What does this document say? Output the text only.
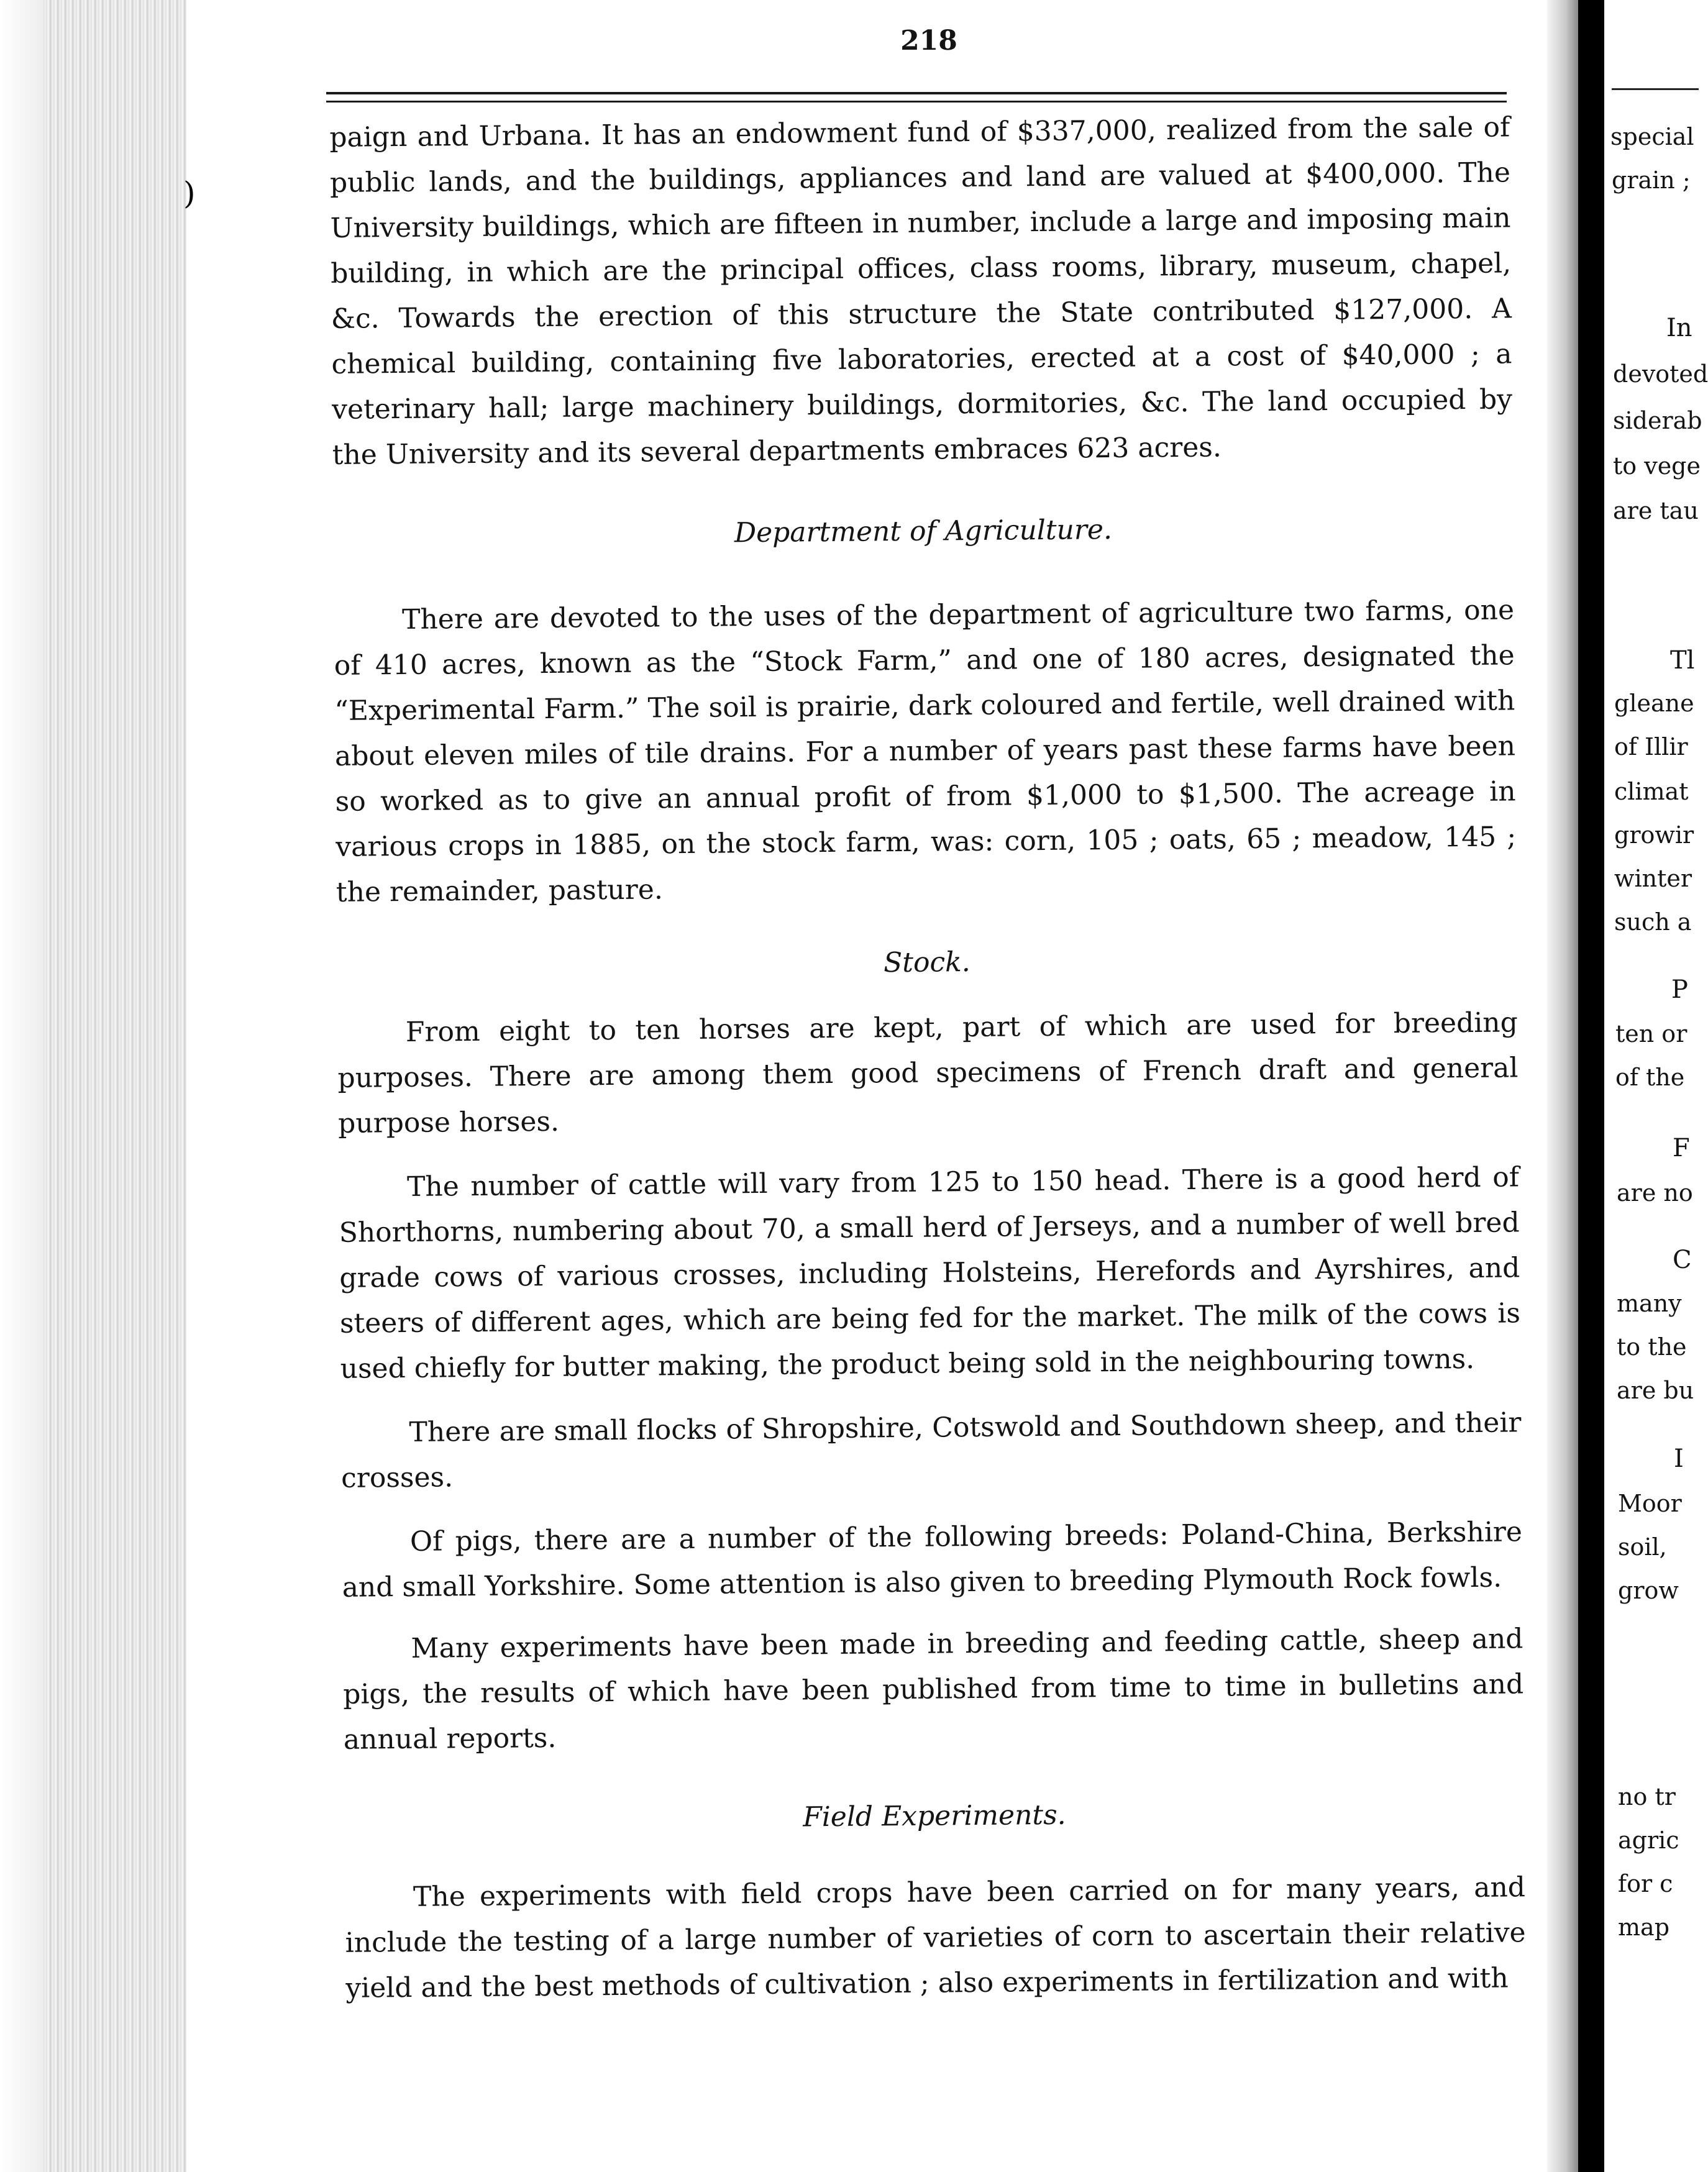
)
218

paign and Urbana. It has an endowment fund of $337,000, realized from the sale of public lands, and the buildings, appliances and land are valued at $400,000. The University buildings, which are fifteen in number, include a large and imposing main building, in which are the principal offices, class rooms, library, museum, chapel, &c. Towards the erection of this structure the State contributed $127,000. A chemical building, containing five laboratories, erected at a cost of $40,000 ; a veterinary hall; large machinery buildings, dormitories, &c. The land occupied by the University and its several departments embraces 623 acres.

Department of Agriculture.

There are devoted to the uses of the department of agriculture two farms, one of 410 acres, known as the “Stock Farm,” and one of 180 acres, designated the “Experimental Farm.” The soil is prairie, dark coloured and fertile, well drained with about eleven miles of tile drains. For a number of years past these farms have been so worked as to give an annual profit of from $1,000 to $1,500. The acreage in various crops in 1885, on the stock farm, was: corn, 105 ; oats, 65 ; meadow, 145 ; the remainder, pasture.

Stock.

From eight to ten horses are kept, part of which are used for breeding purposes. There are among them good specimens of French draft and general purpose horses.

The number of cattle will vary from 125 to 150 head. There is a good herd of Shorthorns, numbering about 70, a small herd of Jerseys, and a number of well bred grade cows of various crosses, including Holsteins, Herefords and Ayrshires, and steers of different ages, which are being fed for the market. The milk of the cows is used chiefly for butter making, the product being sold in the neighbouring towns.

There are small flocks of Shropshire, Cotswold and Southdown sheep, and their crosses.

Of pigs, there are a number of the following breeds: Poland-China, Berkshire and small Yorkshire. Some attention is also given to breeding Plymouth Rock fowls.

Many experiments have been made in breeding and feeding cattle, sheep and pigs, the results of which have been published from time to time in bulletins and annual reports.

Field Experiments.

The experiments with field crops have been carried on for many years, and include the testing of a large number of varieties of corn to ascertain their relative yield and the best methods of cultivation ; also experiments in fertilization and with

special
grain ;
In
devoted
siderab
to vege
are tau
Tl
gleane
of Illir
climat
growir
winter
such a
P
ten or
of the
F
are no
C
many
to the
are bu
I
Moor
soil,
grow
no tr
agric
for c
map
